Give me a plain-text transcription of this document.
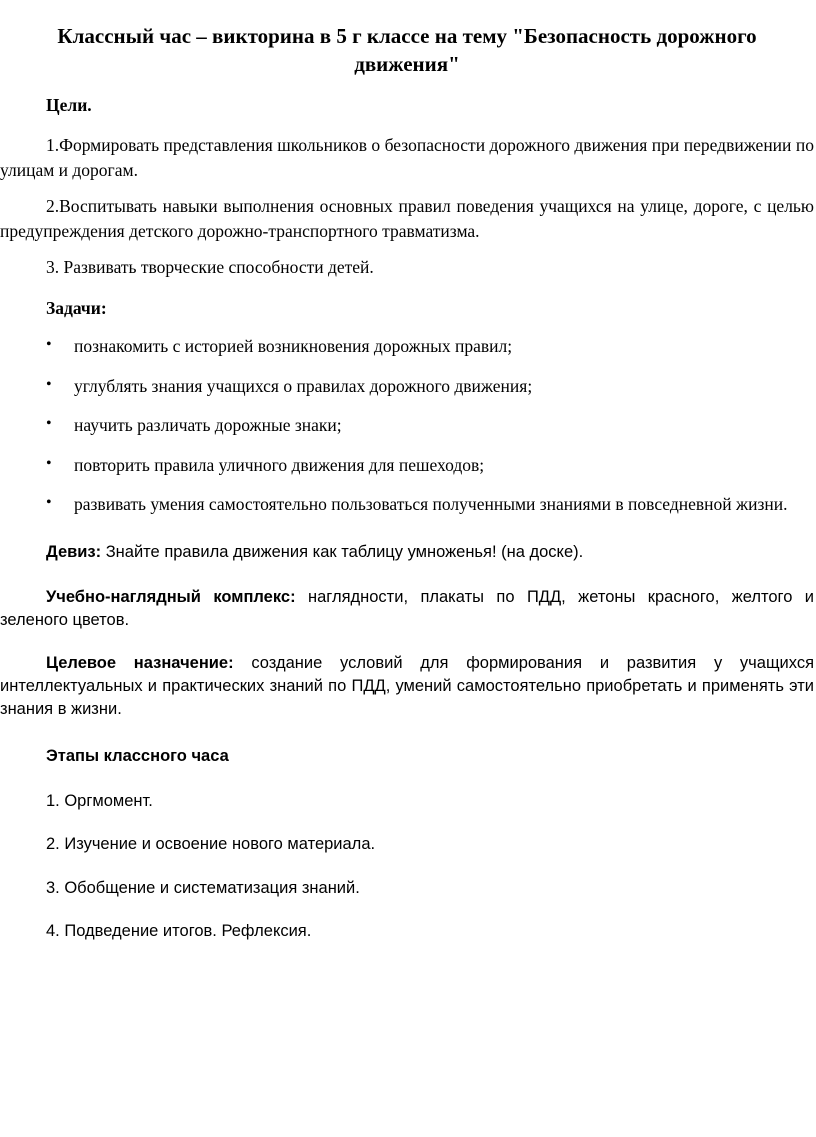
Классный час – викторина в 5 г классе на тему "Безопасность дорожного движения"

Цели.

1.Формировать представления школьников о безопасности дорожного движения при передвижении по улицам и дорогам.

2.Воспитывать навыки выполнения основных правил поведения учащихся на улице, дороге, с целью предупреждения детского дорожно-транспортного травматизма.

3. Развивать творческие способности детей.

Задачи:

• познакомить с историей возникновения дорожных правил;
• углублять знания учащихся о правилах дорожного движения;
• научить различать дорожные знаки;
• повторить правила уличного движения для пешеходов;
• развивать умения самостоятельно пользоваться полученными знаниями в повседневной жизни.

Девиз: Знайте правила движения как таблицу умноженья! (на доске).

Учебно-наглядный комплекс: наглядности, плакаты по ПДД, жетоны красного, желтого и зеленого цветов.

Целевое назначение: создание условий для формирования и развития у учащихся интеллектуальных и практических знаний по ПДД, умений самостоятельно приобретать и применять эти знания в жизни.

Этапы классного часа

1. Оргмомент.

2. Изучение и освоение нового материала.

3. Обобщение и систематизация знаний.

4. Подведение итогов. Рефлексия.
